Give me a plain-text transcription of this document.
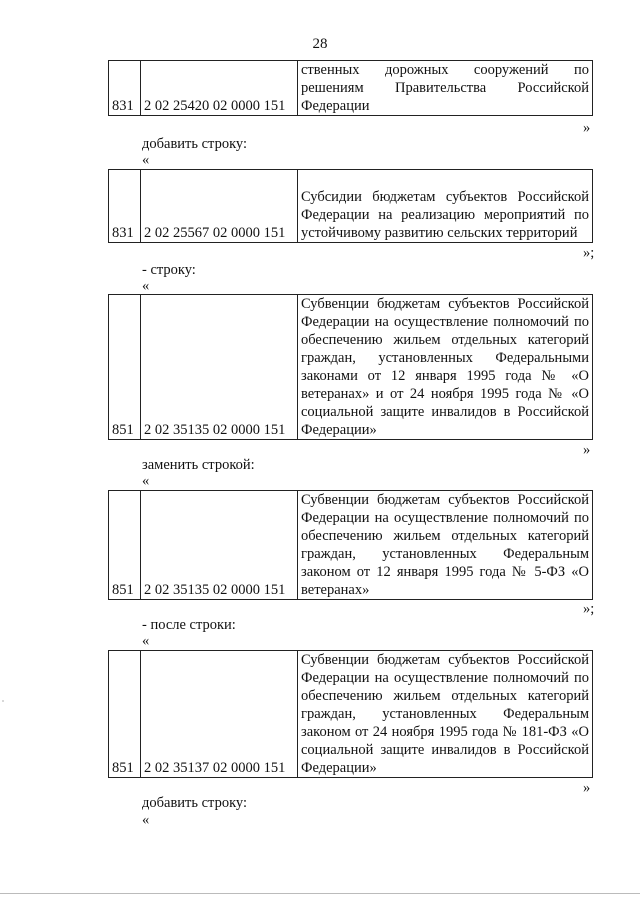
28
831	2 02 25420 02 0000 151	ственных дорожных сооружений по решениям Правительства Российской Федерации
»
добавить строку:
«
831	2 02 25567 02 0000 151	Субсидии бюджетам субъектов Российской Федерации на реализацию мероприятий по устойчивому развитию сельских территорий
»;
- строку:
«
851	2 02 35135 02 0000 151	Субвенции бюджетам субъектов Российской Федерации на осуществление полномочий по обеспечению жильем отдельных категорий граждан, установленных Федеральными законами от 12 января 1995 года № «О ветеранах» и от 24 ноября 1995 года № «О социальной защите инвалидов в Российской Федерации»
»
заменить строкой:
«
851	2 02 35135 02 0000 151	Субвенции бюджетам субъектов Российской Федерации на осуществление полномочий по обеспечению жильем отдельных категорий граждан, установленных Федеральным законом от 12 января 1995 года № 5-ФЗ «О ветеранах»
»;
- после строки:
«
851	2 02 35137 02 0000 151	Субвенции бюджетам субъектов Российской Федерации на осуществление полномочий по обеспечению жильем отдельных категорий граждан, установленных Федеральным законом от 24 ноября 1995 года № 181-ФЗ «О социальной защите инвалидов в Российской Федерации»
»
добавить строку:
«
